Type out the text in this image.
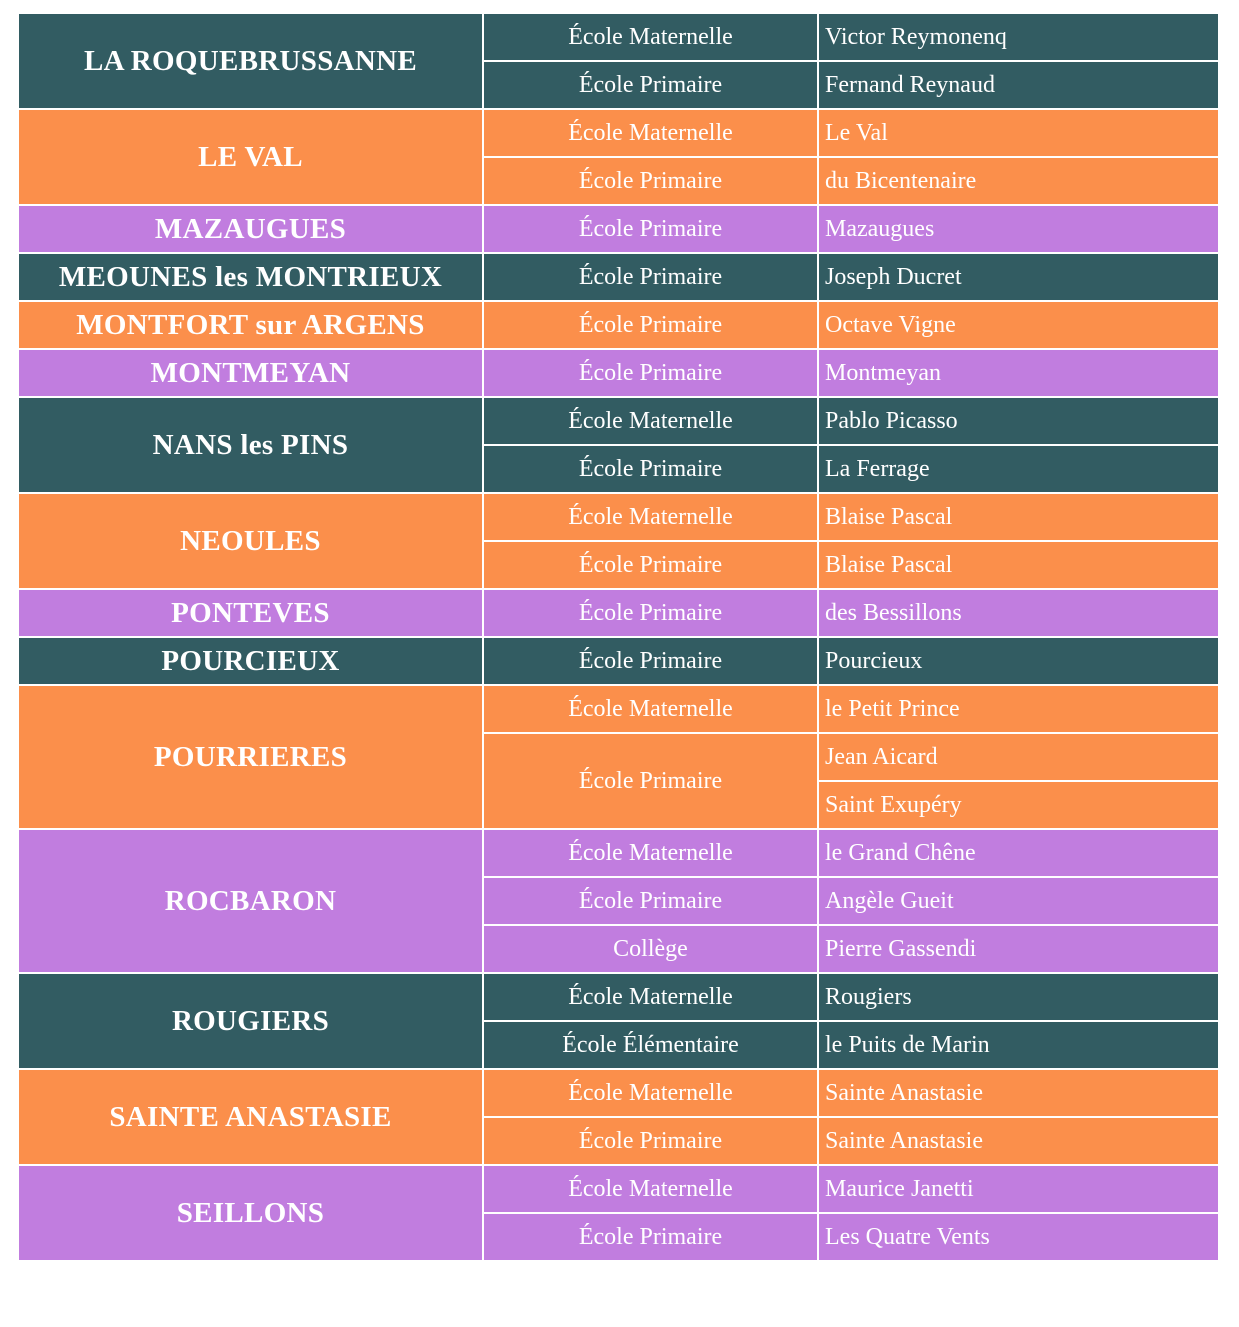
LA ROQUEBRUSSANNE	École Maternelle	Victor Reymonenq
	École Primaire	Fernand Reynaud
LE VAL	École Maternelle	Le Val
	École Primaire	du Bicentenaire
MAZAUGUES	École Primaire	Mazaugues
MEOUNES les MONTRIEUX	École Primaire	Joseph Ducret
MONTFORT sur ARGENS	École Primaire	Octave Vigne
MONTMEYAN	École Primaire	Montmeyan
NANS les PINS	École Maternelle	Pablo Picasso
	École Primaire	La Ferrage
NEOULES	École Maternelle	Blaise Pascal
	École Primaire	Blaise Pascal
PONTEVES	École Primaire	des Bessillons
POURCIEUX	École Primaire	Pourcieux
POURRIERES	École Maternelle	le Petit Prince
	École Primaire	Jean Aicard
		Saint Exupéry
ROCBARON	École Maternelle	le Grand Chêne
	École Primaire	Angèle Gueit
	Collège	Pierre Gassendi
ROUGIERS	École Maternelle	Rougiers
	École Élémentaire	le Puits de Marin
SAINTE ANASTASIE	École Maternelle	Sainte Anastasie
	École Primaire	Sainte Anastasie
SEILLONS	École Maternelle	Maurice Janetti
	École Primaire	Les Quatre Vents
